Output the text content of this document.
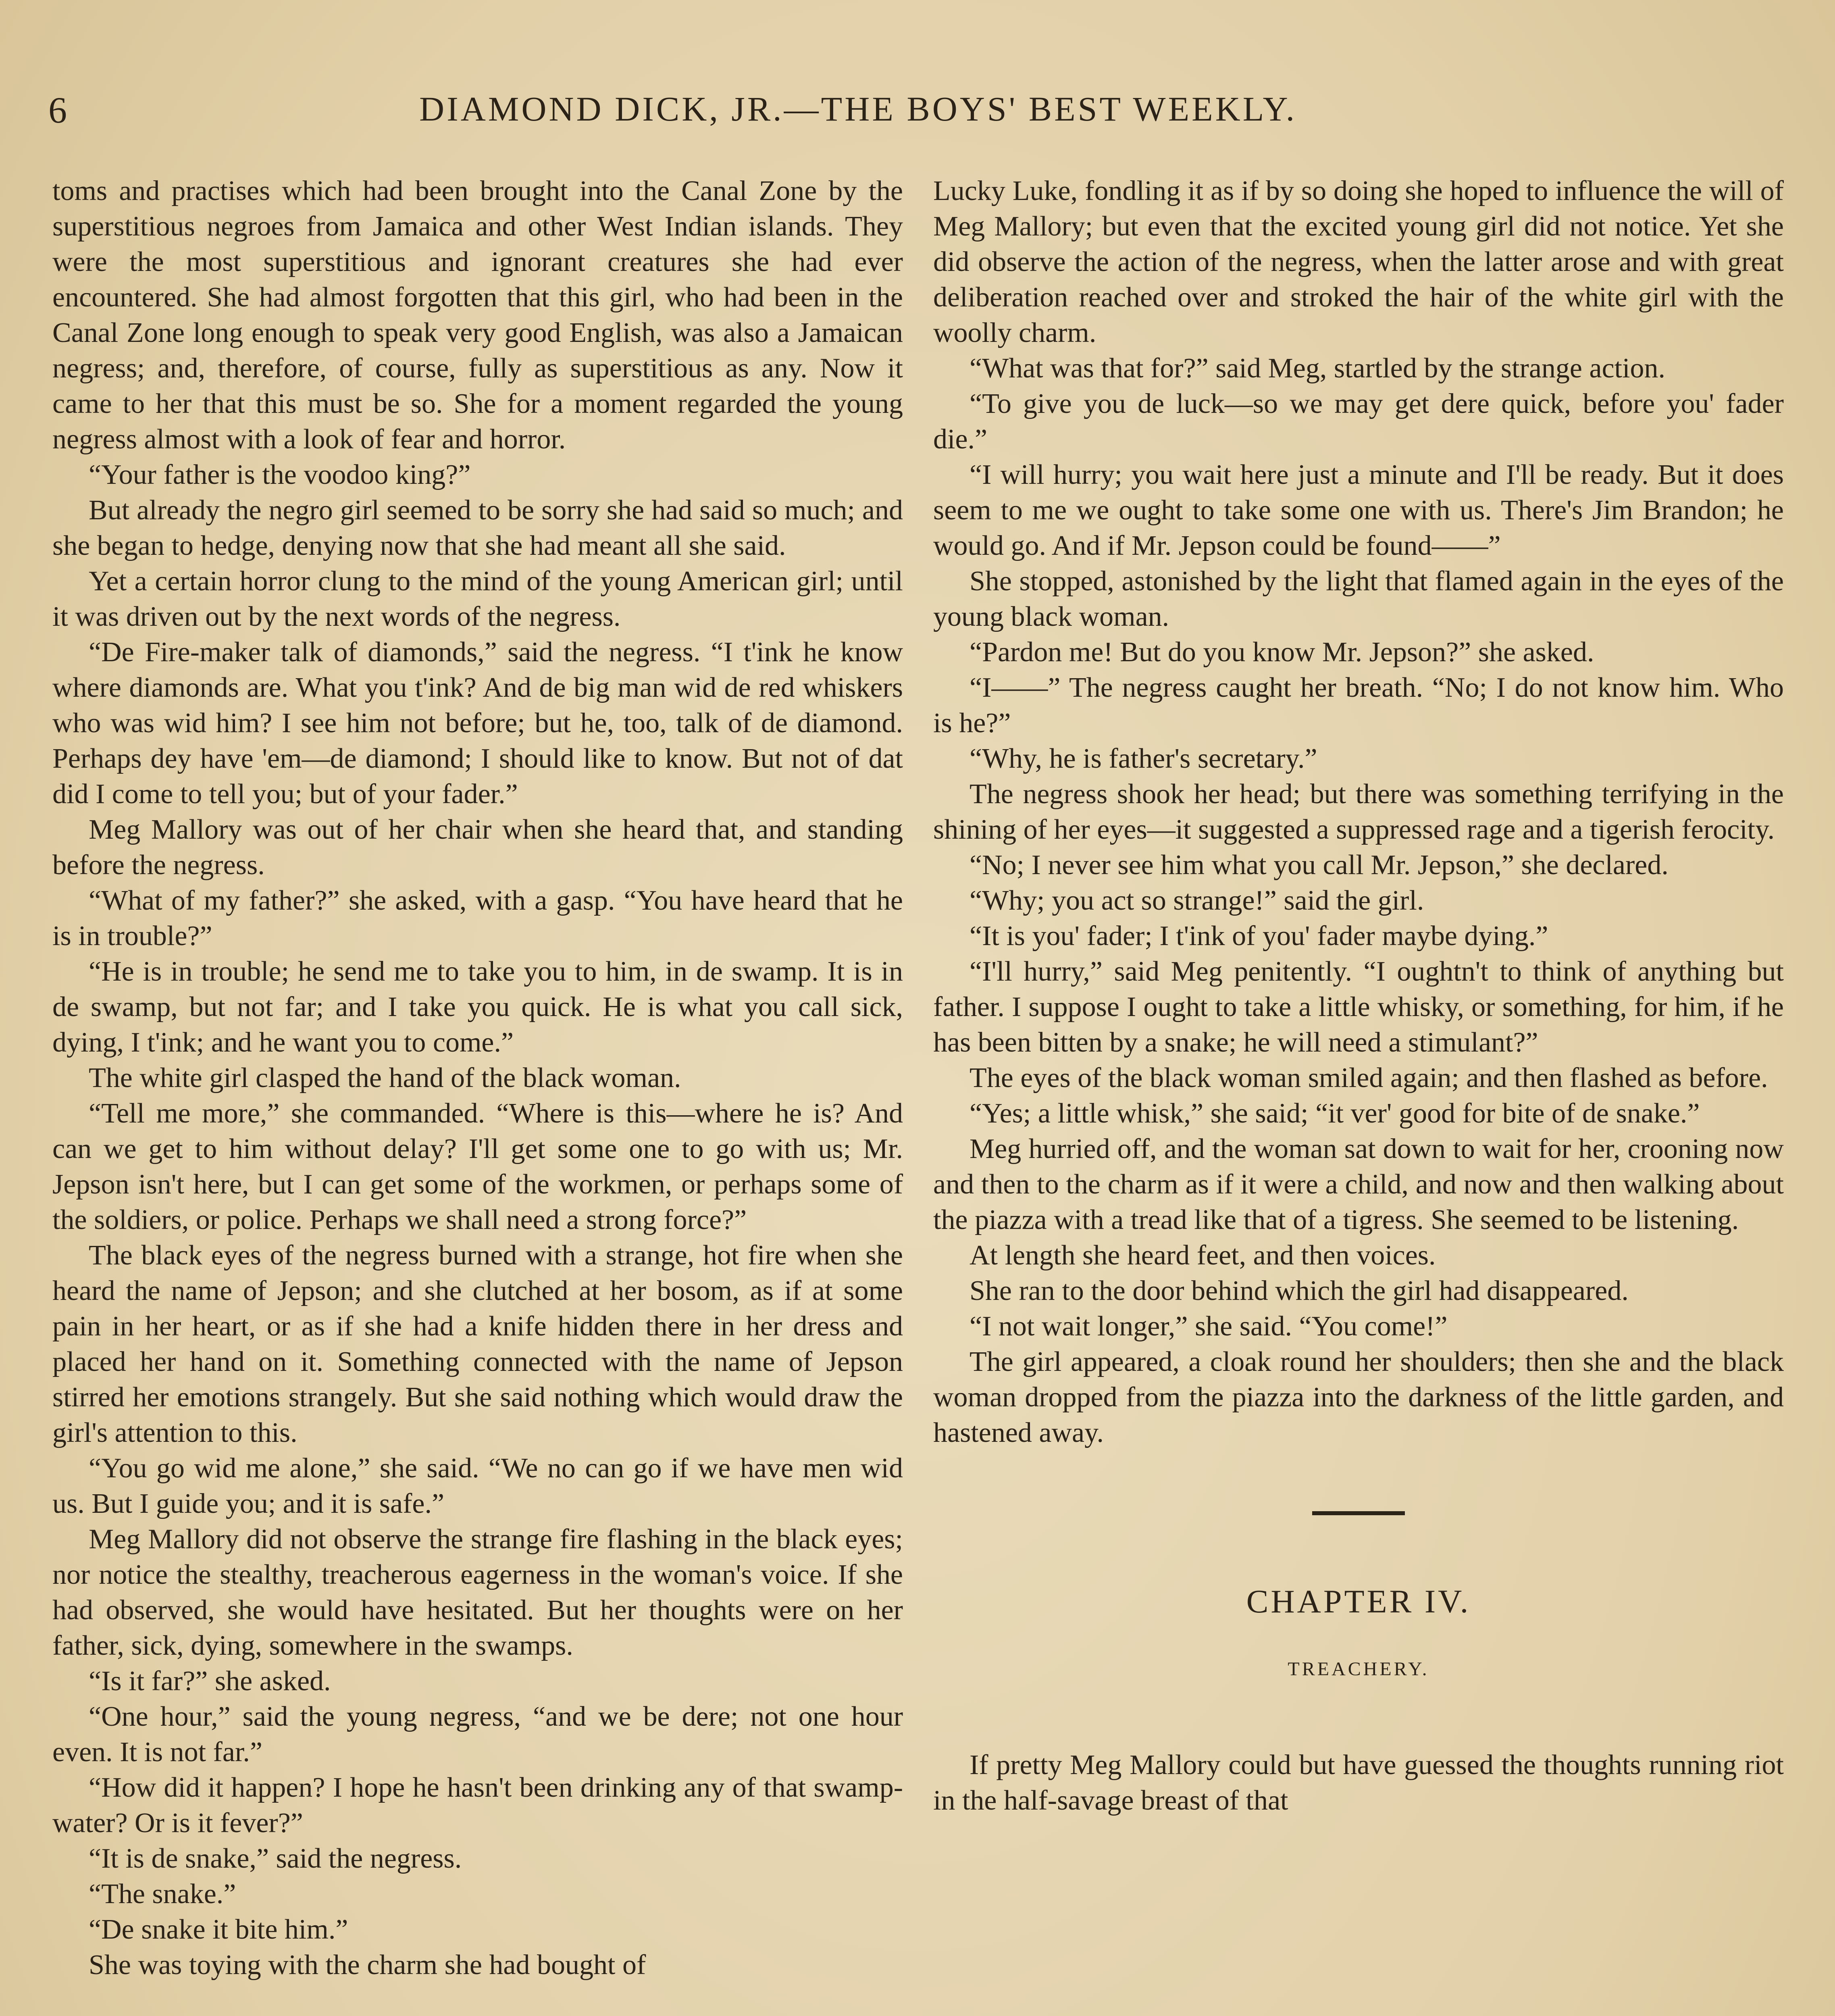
6	DIAMOND DICK, JR.—THE BOYS' BEST WEEKLY.

toms and practises which had been brought into the Canal Zone by the superstitious negroes from Jamaica and other West Indian islands. They were the most superstitious and ignorant creatures she had ever encountered. She had almost forgotten that this girl, who had been in the Canal Zone long enough to speak very good English, was also a Jamaican negress; and, therefore, of course, fully as superstitious as any. Now it came to her that this must be so. She for a moment regarded the young negress almost with a look of fear and horror.

“Your father is the voodoo king?”

But already the negro girl seemed to be sorry she had said so much; and she began to hedge, denying now that she had meant all she said.

Yet a certain horror clung to the mind of the young American girl; until it was driven out by the next words of the negress.

“De Fire-maker talk of diamonds,” said the negress. “I t'ink he know where diamonds are. What you t'ink? And de big man wid de red whiskers who was wid him? I see him not before; but he, too, talk of de diamond. Perhaps dey have 'em—de diamond; I should like to know. But not of dat did I come to tell you; but of your fader.”

Meg Mallory was out of her chair when she heard that, and standing before the negress.

“What of my father?” she asked, with a gasp. “You have heard that he is in trouble?”

“He is in trouble; he send me to take you to him, in de swamp. It is in de swamp, but not far; and I take you quick. He is what you call sick, dying, I t'ink; and he want you to come.”

The white girl clasped the hand of the black woman.

“Tell me more,” she commanded. “Where is this—where he is? And can we get to him without delay? I'll get some one to go with us; Mr. Jepson isn't here, but I can get some of the workmen, or perhaps some of the soldiers, or police. Perhaps we shall need a strong force?”

The black eyes of the negress burned with a strange, hot fire when she heard the name of Jepson; and she clutched at her bosom, as if at some pain in her heart, or as if she had a knife hidden there in her dress and placed her hand on it. Something connected with the name of Jepson stirred her emotions strangely. But she said nothing which would draw the girl's attention to this.

“You go wid me alone,” she said. “We no can go if we have men wid us. But I guide you; and it is safe.”

Meg Mallory did not observe the strange fire flashing in the black eyes; nor notice the stealthy, treacherous eagerness in the woman's voice. If she had observed, she would have hesitated. But her thoughts were on her father, sick, dying, somewhere in the swamps.

“Is it far?” she asked.

“One hour,” said the young negress, “and we be dere; not one hour even. It is not far.”

“How did it happen? I hope he hasn't been drinking any of that swamp-water? Or is it fever?”

“It is de snake,” said the negress.

“The snake.”

“De snake it bite him.”

She was toying with the charm she had bought of

Lucky Luke, fondling it as if by so doing she hoped to influence the will of Meg Mallory; but even that the excited young girl did not notice. Yet she did observe the action of the negress, when the latter arose and with great deliberation reached over and stroked the hair of the white girl with the woolly charm.

“What was that for?” said Meg, startled by the strange action.

“To give you de luck—so we may get dere quick, before you' fader die.”

“I will hurry; you wait here just a minute and I'll be ready. But it does seem to me we ought to take some one with us. There's Jim Brandon; he would go. And if Mr. Jepson could be found——”

She stopped, astonished by the light that flamed again in the eyes of the young black woman.

“Pardon me! But do you know Mr. Jepson?” she asked.

“I——” The negress caught her breath. “No; I do not know him. Who is he?”

“Why, he is father's secretary.”

The negress shook her head; but there was something terrifying in the shining of her eyes—it suggested a suppressed rage and a tigerish ferocity.

“No; I never see him what you call Mr. Jepson,” she declared.

“Why; you act so strange!” said the girl.

“It is you' fader; I t'ink of you' fader maybe dying.”

“I'll hurry,” said Meg penitently. “I oughtn't to think of anything but father. I suppose I ought to take a little whisky, or something, for him, if he has been bitten by a snake; he will need a stimulant?”

The eyes of the black woman smiled again; and then flashed as before.

“Yes; a little whisk,” she said; “it ver' good for bite of de snake.”

Meg hurried off, and the woman sat down to wait for her, crooning now and then to the charm as if it were a child, and now and then walking about the piazza with a tread like that of a tigress. She seemed to be listening.

At length she heard feet, and then voices.

She ran to the door behind which the girl had disappeared.

“I not wait longer,” she said. “You come!”

The girl appeared, a cloak round her shoulders; then she and the black woman dropped from the piazza into the darkness of the little garden, and hastened away.

CHAPTER IV.
TREACHERY.

If pretty Meg Mallory could but have guessed the thoughts running riot in the half-savage breast of that
